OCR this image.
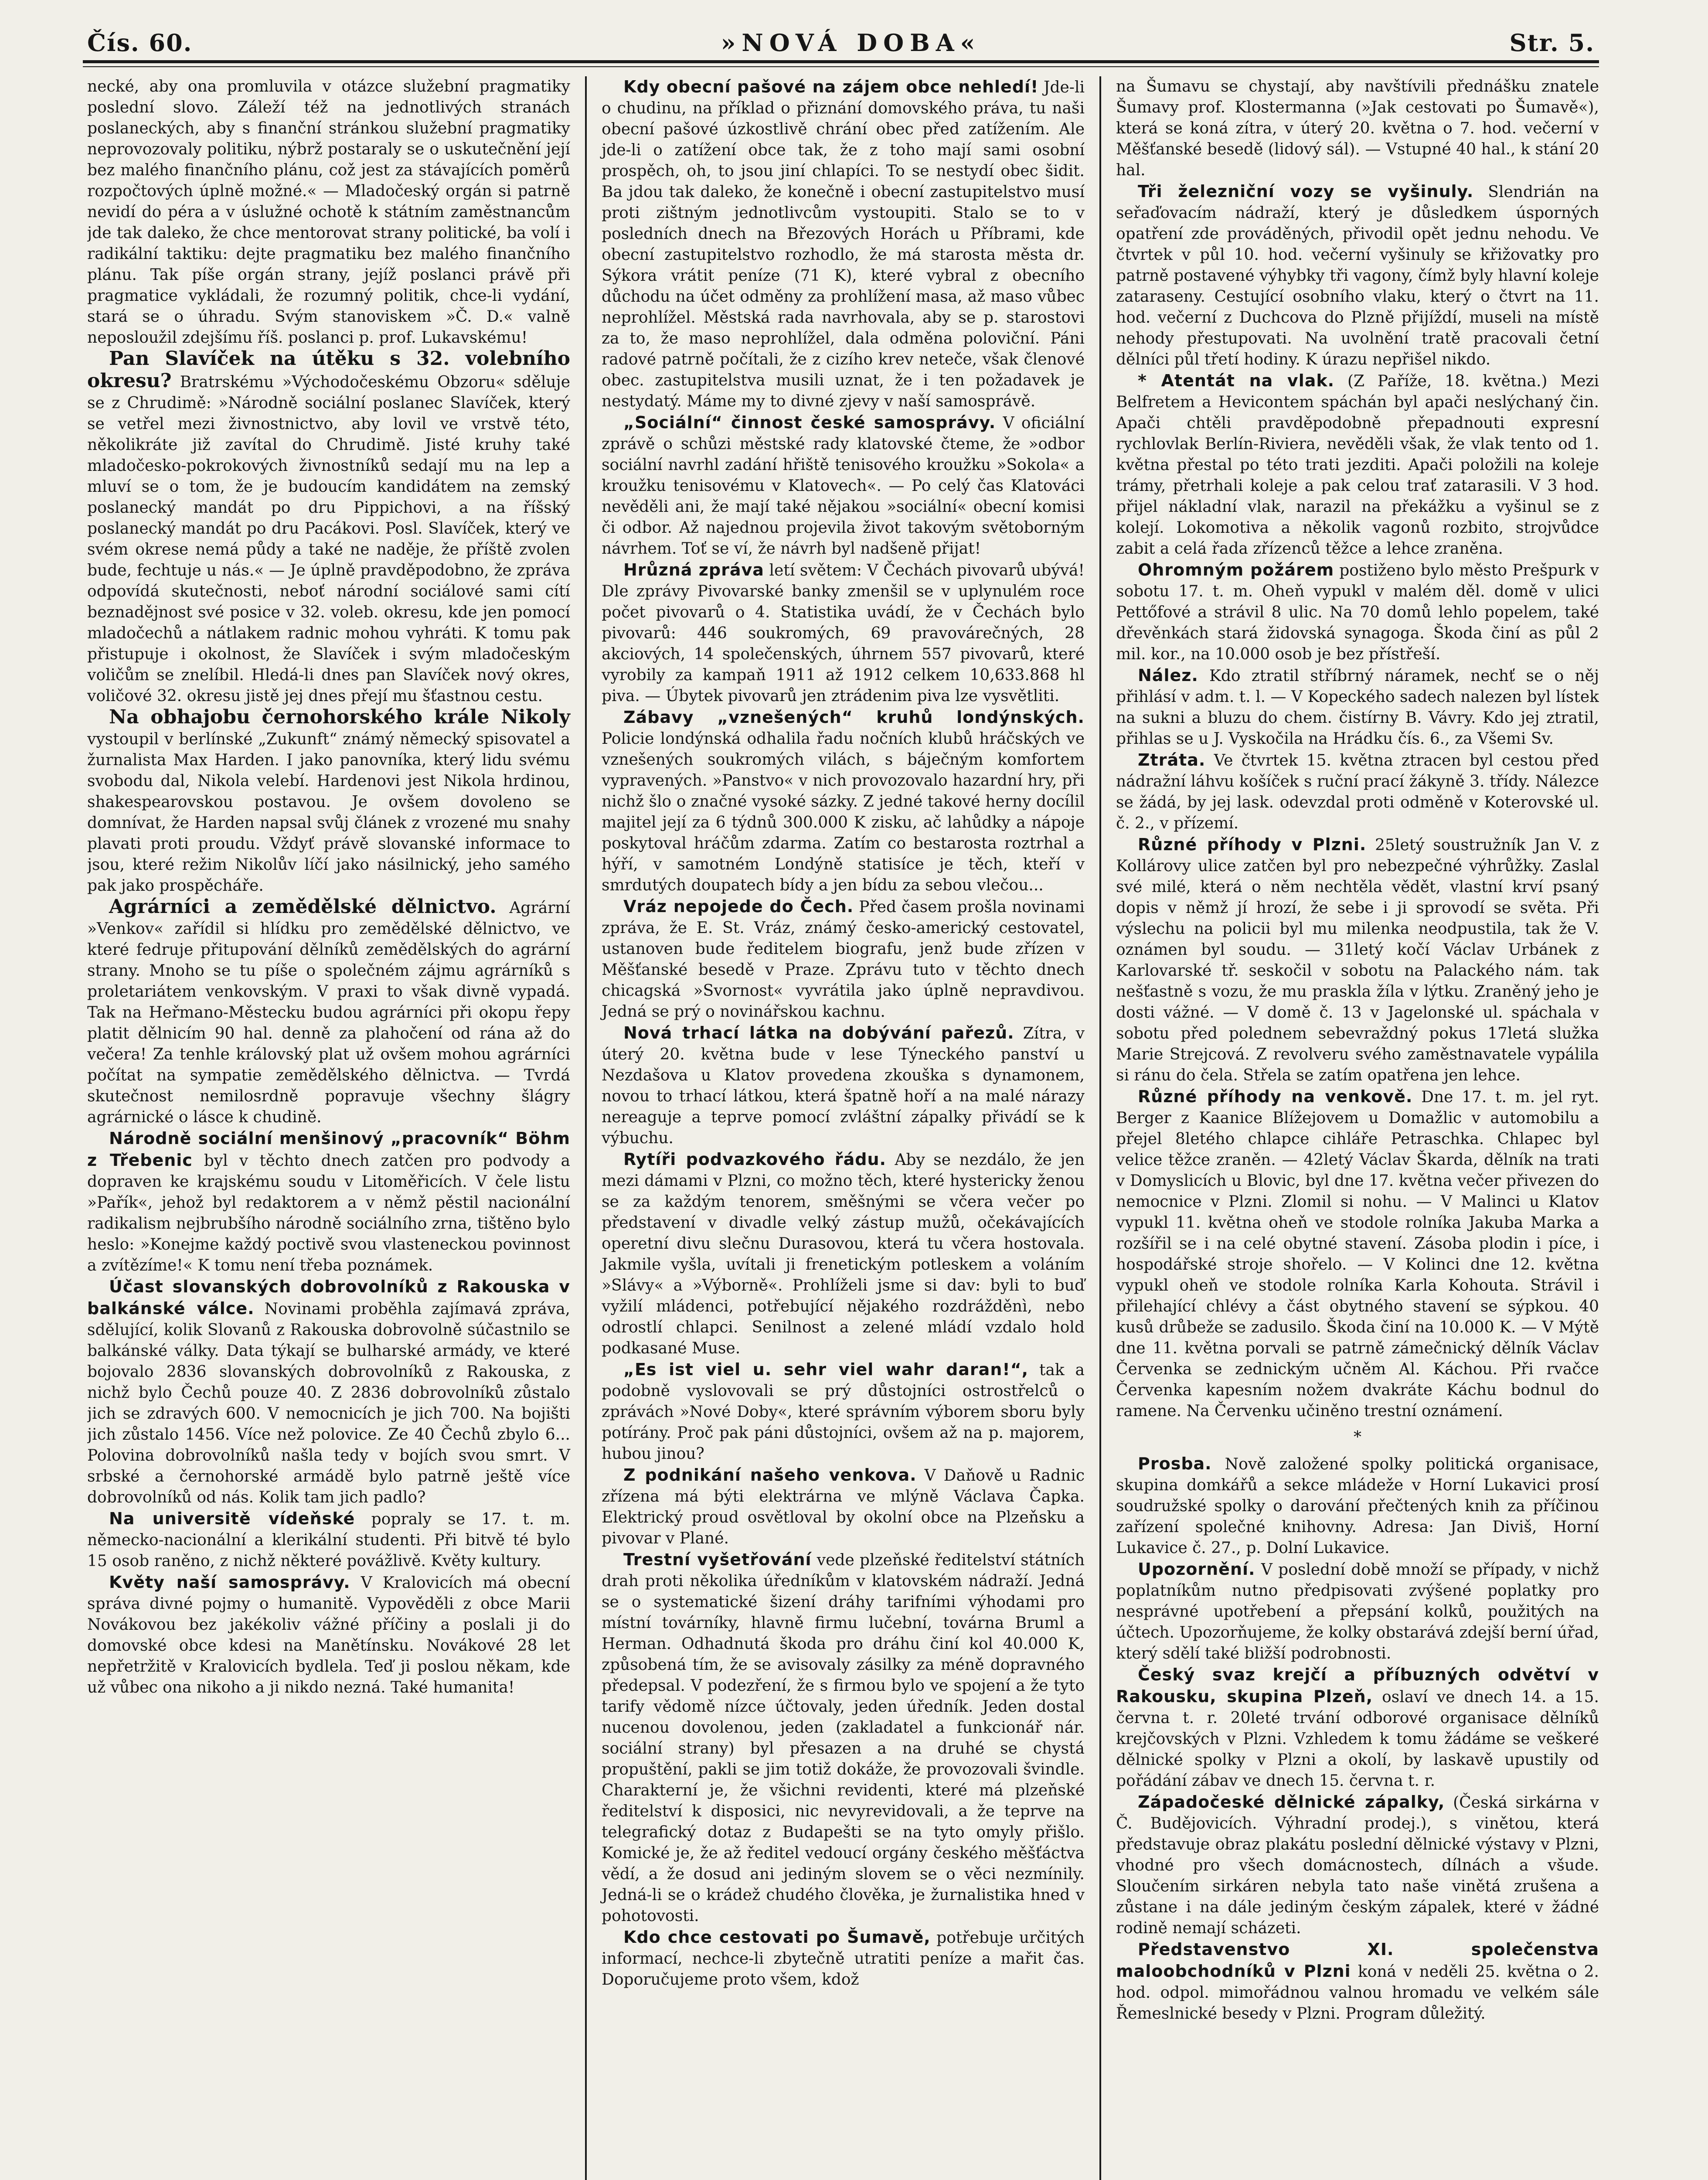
Čís. 60.	»NOVÁ DOBA«	Str. 5.

necké, aby ona promluvila v otázce služební pragmatiky poslední slovo. Záleží též na jednotlivých stranách poslaneckých, aby s finanční stránkou služební pragmatiky neprovozovaly politiku, nýbrž postaraly se o uskutečnění její bez malého finančního plánu, což jest za stávajících poměrů rozpočtových úplně možné.« — Mladočeský orgán si patrně nevidí do péra a v úslužné ochotě k státním zaměstnancům jde tak daleko, že chce mentorovat strany politické, ba volí i radikální taktiku: dejte pragmatiku bez malého finančního plánu. Tak píše orgán strany, jejíž poslanci právě při pragmatice vykládali, že rozumný politik, chce-li vydání, stará se o úhradu. Svým stanoviskem »Č. D.« valně neposloužil zdejšímu říš. poslanci p. prof. Lukavskému!

Pan Slavíček na útěku s 32. volebního okresu? Bratrskému »Východočeskému Obzoru« sděluje se z Chrudimě: »Národně sociální poslanec Slavíček, který se vetřel mezi živnostnictvo, aby lovil ve vrstvě této, několikráte již zavítal do Chrudimě. Jisté kruhy také mladočesko-pokrokových živnostníků sedají mu na lep a mluví se o tom, že je budoucím kandidátem na zemský poslanecký mandát po dru Pippichovi, a na říšský poslanecký mandát po dru Pacákovi. Posl. Slavíček, který ve svém okrese nemá půdy a také ne naděje, že příště zvolen bude, fechtuje u nás.« — Je úplně pravděpodobno, že zpráva odpovídá skutečnosti, neboť národní sociálové sami cítí beznadějnost své posice v 32. voleb. okresu, kde jen pomocí mladočechů a nátlakem radnic mohou vyhráti. K tomu pak přistupuje i okolnost, že Slavíček i svým mladočeským voličům se znelíbil. Hledá-li dnes pan Slavíček nový okres, voličové 32. okresu jistě jej dnes přejí mu šťastnou cestu.

Na obhajobu černohorského krále Nikoly vystoupil v berlínské „Zukunft“ známý německý spisovatel a žurnalista Max Harden. I jako panovníka, který lidu svému svobodu dal, Nikola velebí. Hardenovi jest Nikola hrdinou, shakespearovskou postavou. Je ovšem dovoleno se domnívat, že Harden napsal svůj článek z vrozené mu snahy plavati proti proudu. Vždyť právě slovanské informace to jsou, které režim Nikolův líčí jako násilnický, jeho samého pak jako prospěcháře.

Agrárníci a zemědělské dělnictvo. Agrární »Venkov« zařídil si hlídku pro zemědělské dělnictvo, ve které fedruje přitupování dělníků zemědělských do agrární strany. Mnoho se tu píše o společném zájmu agrárníků s proletariátem venkovským. V praxi to však divně vypadá. Tak na Heřmano-Městecku budou agrárníci při okopu řepy platit dělnicím 90 hal. denně za plahočení od rána až do večera! Za tenhle královský plat už ovšem mohou agrárníci počítat na sympatie zemědělského dělnictva. — Tvrdá skutečnost nemilosrdně popravuje všechny šlágry agrárnické o lásce k chudině.

Národně sociální menšinový „pracovník“ Böhm z Třebenic byl v těchto dnech zatčen pro podvody a dopraven ke krajskému soudu v Litoměřicích. V čele listu »Pařík«, jehož byl redaktorem a v němž pěstil nacionální radikalism nejbrubšího národně sociálního zrna, tištěno bylo heslo: »Konejme každý poctivě svou vlasteneckou povinnost a zvítězíme!« K tomu není třeba poznámek.

Účast slovanských dobrovolníků z Rakouska v balkánské válce. Novinami proběhla zajímavá zpráva, sdělující, kolik Slovanů z Rakouska dobrovolně súčastnilo se balkánské války. Data týkají se bulharské armády, ve které bojovalo 2836 slovanských dobrovolníků z Rakouska, z nichž bylo Čechů pouze 40. Z 2836 dobrovolníků zůstalo jich se zdravých 600. V nemocnicích je jich 700. Na bojišti jich zůstalo 1456. Více než polovice. Ze 40 Čechů zbylo 6... Polovina dobrovolníků našla tedy v bojích svou smrt. V srbské a černohorské armádě bylo patrně ještě více dobrovolníků od nás. Kolik tam jich padlo?

Na universitě vídeňské popraly se 17. t. m. německo-nacionální a klerikální studenti. Při bitvě té bylo 15 osob raněno, z nichž některé povážlivě. Květy kultury.

Květy naší samosprávy. V Kralovicích má obecní správa divné pojmy o humanitě. Vypověděli z obce Marii Novákovou bez jakékoliv vážné příčiny a poslali ji do domovské obce kdesi na Manětínsku. Novákové 28 let nepřetržitě v Kralovicích bydlela. Teď ji poslou někam, kde už vůbec ona nikoho a ji nikdo nezná. Také humanita!

Kdy obecní pašové na zájem obce nehledí! Jde-li o chudinu, na příklad o přiznání domovského práva, tu naši obecní pašové úzkostlivě chrání obec před zatížením. Ale jde-li o zatížení obce tak, že z toho mají sami osobní prospěch, oh, to jsou jiní chlapíci. To se nestydí obec šidit. Ba jdou tak daleko, že konečně i obecní zastupitelstvo musí proti zištným jednotlivcům vystoupiti. Stalo se to v posledních dnech na Březových Horách u Příbrami, kde obecní zastupitelstvo rozhodlo, že má starosta města dr. Sýkora vrátit peníze (71 K), které vybral z obecního důchodu na účet odměny za prohlížení masa, až maso vůbec neprohlížel. Městská rada navrhovala, aby se p. starostovi za to, že maso neprohlížel, dala odměna poloviční. Páni radové patrně počítali, že z cizího krev neteče, však členové obec. zastupitelstva musili uznat, že i ten požadavek je nestydatý. Máme my to divné zjevy v naší samosprávě.

„Sociální“ činnost české samosprávy. V oficiální zprávě o schůzi městské rady klatovské čteme, že »odbor sociální navrhl zadání hřiště tenisového kroužku »Sokola« a kroužku tenisovému v Klatovech«. — Po celý čas Klatováci nevěděli ani, že mají také nějakou »sociální« obecní komisi či odbor. Až najednou projevila život takovým světoborným návrhem. Toť se ví, že návrh byl nadšeně přijat!

Hrůzná zpráva letí světem: V Čechách pivovarů ubývá! Dle zprávy Pivovarské banky zmenšil se v uplynulém roce počet pivovarů o 4. Statistika uvádí, že v Čechách bylo pivovarů: 446 soukromých, 69 pravovárečných, 28 akciových, 14 společenských, úhrnem 557 pivovarů, které vyrobily za kampaň 1911 až 1912 celkem 10,633.868 hl piva. — Úbytek pivovarů jen ztrádenim piva lze vysvětliti.

Zábavy „vznešených“ kruhů londýnských. Policie londýnská odhalila řadu nočních klubů hráčských ve vznešených soukromých vilách, s báječným komfortem vypravených. »Panstvo« v nich provozovalo hazardní hry, při nichž šlo o značné vysoké sázky. Z jedné takové herny docílil majitel její za 6 týdnů 300.000 K zisku, ač lahůdky a nápoje poskytoval hráčům zdarma. Zatím co bestarosta roztrhal a hýří, v samotném Londýně statisíce je těch, kteří v smrdutých doupatech bídy a jen bídu za sebou vlečou...

Vráz nepojede do Čech. Před časem prošla novinami zpráva, že E. St. Vráz, známý česko-americký cestovatel, ustanoven bude ředitelem biografu, jenž bude zřízen v Měšťanské besedě v Praze. Zprávu tuto v těchto dnech chicagská »Svornost« vyvrátila jako úplně nepravdivou. Jedná se prý o novinářskou kachnu.

Nová trhací látka na dobývání pařezů. Zítra, v úterý 20. května bude v lese Týneckého panství u Nezdašova u Klatov provedena zkouška s dynamonem, novou to trhací látkou, která špatně hoří a na malé nárazy nereaguje a teprve pomocí zvláštní zápalky přivádí se k výbuchu.

Rytíři podvazkového řádu. Aby se nezdálo, že jen mezi dámami v Plzni, co možno těch, které hystericky ženou se za každým tenorem, směšnými se včera večer po představení v divadle velký zástup mužů, očekávajících operetní divu slečnu Durasovou, která tu včera hostovala. Jakmile vyšla, uvítali ji frenetickým potleskem a voláním »Slávy« a »Výborně«. Prohlíželi jsme si dav: byli to buď vyžilí mládenci, potřebující nějakého rozdrážděnì, nebo odrostlí chlapci. Senilnost a zelené mládí vzdalo hold podkasané Muse.

„Es ist viel u. sehr viel wahr daran!“, tak a podobně vyslovovali se prý důstojníci ostrostřelců o zprávách »Nové Doby«, které správním výborem sboru byly potírány. Proč pak páni důstojníci, ovšem až na p. majorem, hubou jinou?

Z podnikání našeho venkova. V Daňově u Radnic zřízena má býti elektrárna ve mlýně Václava Čapka. Elektrický proud osvětloval by okolní obce na Plzeňsku a pivovar v Plané.

Trestní vyšetřování vede plzeňské ředitelství státních drah proti několika úředníkům v klatovském nádraží. Jedná se o systematické šizení dráhy tarifními výhodami pro místní továrníky, hlavně firmu lučební, továrna Bruml a Herman. Odhadnutá škoda pro dráhu činí kol 40.000 K, způsobená tím, že se avisovaly zásilky za méně dopravného předepsal. V podezření, že s firmou bylo ve spojení a že tyto tarify vědomě nízce účtovaly, jeden úředník. Jeden dostal nucenou dovolenou, jeden (zakladatel a funkcionář nár. sociální strany) byl přesazen a na druhé se chystá propuštění, pakli se jim totiž dokáže, že provozovali švindle. Charakterní je, že všichni revidenti, které má plzeňské ředitelství k disposici, nic nevyrevidovali, a že teprve na telegrafický dotaz z Budapešti se na tyto omyly přišlo. Komické je, že až ředitel vedoucí orgány českého měšťáctva vědí, a že dosud ani jediným slovem se o věci nezmínily. Jedná-li se o krádež chudého člověka, je žurnalistika hned v pohotovosti.

Kdo chce cestovati po Šumavě, potřebuje určitých informací, nechce-li zbytečně utratiti peníze a mařit čas. Doporučujeme proto všem, kdož

na Šumavu se chystají, aby navštívili přednášku znatele Šumavy prof. Klostermanna (»Jak cestovati po Šumavě«), která se koná zítra, v úterý 20. května o 7. hod. večerní v Měšťanské besedě (lidový sál). — Vstupné 40 hal., k stání 20 hal.

Tři železniční vozy se vyšinuly. Slendrián na seřaďovacím nádraží, který je důsledkem úsporných opatření zde prováděných, přivodil opět jednu nehodu. Ve čtvrtek v půl 10. hod. večerní vyšinuly se křižovatky pro patrně postavené výhybky tři vagony, čímž byly hlavní koleje zataraseny. Cestující osobního vlaku, který o čtvrt na 11. hod. večerní z Duchcova do Plzně přijíždí, museli na místě nehody přestupovati. Na uvolnění tratě pracovali četní dělníci půl třetí hodiny. K úrazu nepřišel nikdo.

* Atentát na vlak. (Z Paříže, 18. května.) Mezi Belfretem a Hevicontem spáchán byl apači neslýchaný čin. Apači chtěli pravděpodobně přepadnouti expresní rychlovlak Berlín-Riviera, nevěděli však, že vlak tento od 1. května přestal po této trati jezditi. Apači položili na koleje trámy, přetrhali koleje a pak celou trať zatarasili. V 3 hod. přijel nákladní vlak, narazil na překážku a vyšinul se z kolejí. Lokomotiva a několik vagonů rozbito, strojvůdce zabit a celá řada zřízenců těžce a lehce zraněna.

Ohromným požárem postiženo bylo město Prešpurk v sobotu 17. t. m. Oheň vypukl v malém děl. domě v ulici Pettőfové a strávil 8 ulic. Na 70 domů lehlo popelem, také dřevěnkách stará židovská synagoga. Škoda činí as půl 2 mil. kor., na 10.000 osob je bez přístřeší.

Nález. Kdo ztratil stříbrný náramek, nechť se o něj přihlásí v adm. t. l. — V Kopeckého sadech nalezen byl lístek na sukni a bluzu do chem. čistírny B. Vávry. Kdo jej ztratil, přihlas se u J. Vyskočila na Hrádku čís. 6., za Všemi Sv.

Ztráta. Ve čtvrtek 15. května ztracen byl cestou před nádražní láhvu košíček s ruční prací žákyně 3. třídy. Nálezce se žádá, by jej lask. odevzdal proti odměně v Koterovské ul. č. 2., v přízemí.

Různé příhody v Plzni. 25letý soustružník Jan V. z Kollárovy ulice zatčen byl pro nebezpečné výhrůžky. Zaslal své milé, která o něm nechtěla vědět, vlastní krví psaný dopis v němž jí hrozí, že sebe i ji sprovodí se světa. Při výslechu na policii byl mu milenka neodpustila, tak že V. oznámen byl soudu. — 31letý kočí Václav Urbánek z Karlovarské tř. seskočil v sobotu na Palackého nám. tak nešťastně s vozu, že mu praskla žíla v lýtku. Zraněný jeho je dosti vážné. — V domě č. 13 v Jagelonské ul. spáchala v sobotu před polednem sebevraždný pokus 17letá služka Marie Strejcová. Z revolveru svého zaměstnavatele vypálila si ránu do čela. Střela se zatím opatřena jen lehce.

Různé příhody na venkově. Dne 17. t. m. jel ryt. Berger z Kaanice Blížejovem u Domažlic v automobilu a přejel 8letého chlapce cihláře Petraschka. Chlapec byl velice těžce zraněn. — 42letý Václav Škarda, dělník na trati v Domyslicích u Blovic, byl dne 17. května večer přivezen do nemocnice v Plzni. Zlomil si nohu. — V Malinci u Klatov vypukl 11. května oheň ve stodole rolníka Jakuba Marka a rozšířil se i na celé obytné stavení. Zásoba plodin i píce, i hospodářské stroje shořelo. — V Kolinci dne 12. května vypukl oheň ve stodole rolníka Karla Kohouta. Strávil i přilehající chlévy a část obytného stavení se sýpkou. 40 kusů drůbeže se zadusilo. Škoda činí na 10.000 K. — V Mýtě dne 11. května porvali se patrně zámečnický dělník Václav Červenka se zednickým učněm Al. Káchou. Při rvačce Červenka kapesním nožem dvakráte Káchu bodnul do ramene. Na Červenku učiněno trestní oznámení.

*

Prosba. Nově založené spolky politická organisace, skupina domkářů a sekce mládeže v Horní Lukavici prosí soudružské spolky o darování přečtených knih za příčinou zařízení společné knihovny. Adresa: Jan Diviš, Horní Lukavice č. 27., p. Dolní Lukavice.

Upozornění. V poslední době množí se případy, v nichž poplatníkům nutno předpisovati zvýšené poplatky pro nesprávné upotřebení a přepsání kolků, použitých na účtech. Upozorňujeme, že kolky obstarává zdejší berní úřad, který sdělí také bližší podrobnosti.

Český svaz krejčí a příbuzných odvětví v Rakousku, skupina Plzeň, oslaví ve dnech 14. a 15. června t. r. 20leté trvání odborové organisace dělníků krejčovských v Plzni. Vzhledem k tomu žádáme se veškeré dělnické spolky v Plzni a okolí, by laskavě upustily od pořádání zábav ve dnech 15. června t. r.

Západočeské dělnické zápalky, (Česká sirkárna v Č. Budějovicích. Výhradní prodej.), s vinětou, která představuje obraz plakátu poslední dělnické výstavy v Plzni, vhodné pro všech domácnostech, dílnách a všude. Sloučením sirkáren nebyla tato naše vinětá zrušena a zůstane i na dále jediným českým zápalek, které v žádné rodině nemají scházeti.

Představenstvo XI. společenstva maloobchodníků v Plzni koná v neděli 25. května o 2. hod. odpol. mimořádnou valnou hromadu ve velkém sále Řemeslnické besedy v Plzni. Program důležitý.
